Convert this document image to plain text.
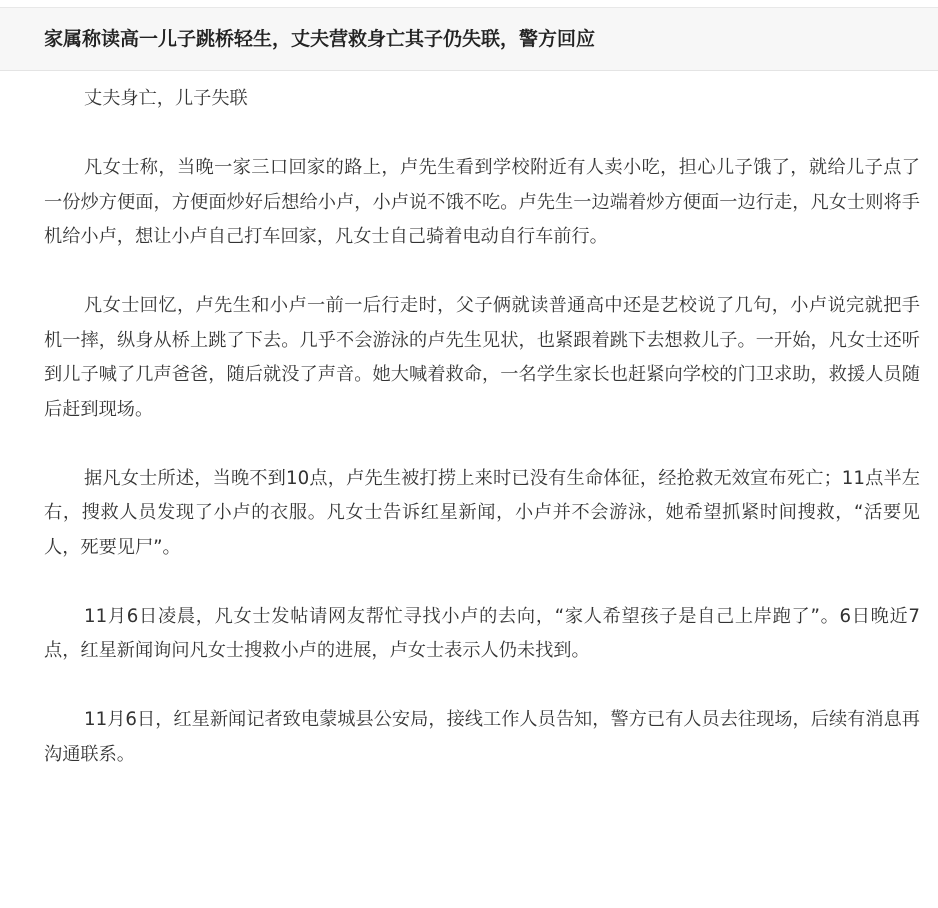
家属称读高一儿子跳桥轻生，丈夫营救身亡其子仍失联，警方回应

丈夫身亡，儿子失联

凡女士称，当晚一家三口回家的路上，卢先生看到学校附近有人卖小吃，担心儿子饿了，就给儿子点了一份炒方便面，方便面炒好后想给小卢，小卢说不饿不吃。卢先生一边端着炒方便面一边行走，凡女士则将手机给小卢，想让小卢自己打车回家，凡女士自己骑着电动自行车前行。

凡女士回忆，卢先生和小卢一前一后行走时，父子俩就读普通高中还是艺校说了几句，小卢说完就把手机一摔，纵身从桥上跳了下去。几乎不会游泳的卢先生见状，也紧跟着跳下去想救儿子。一开始，凡女士还听到儿子喊了几声爸爸，随后就没了声音。她大喊着救命，一名学生家长也赶紧向学校的门卫求助，救援人员随后赶到现场。

据凡女士所述，当晚不到10点，卢先生被打捞上来时已没有生命体征，经抢救无效宣布死亡；11点半左右，搜救人员发现了小卢的衣服。凡女士告诉红星新闻，小卢并不会游泳，她希望抓紧时间搜救，“活要见人，死要见尸”。

11月6日凌晨，凡女士发帖请网友帮忙寻找小卢的去向，“家人希望孩子是自己上岸跑了”。6日晚近7点，红星新闻询问凡女士搜救小卢的进展，卢女士表示人仍未找到。

11月6日，红星新闻记者致电蒙城县公安局，接线工作人员告知，警方已有人员去往现场，后续有消息再沟通联系。
